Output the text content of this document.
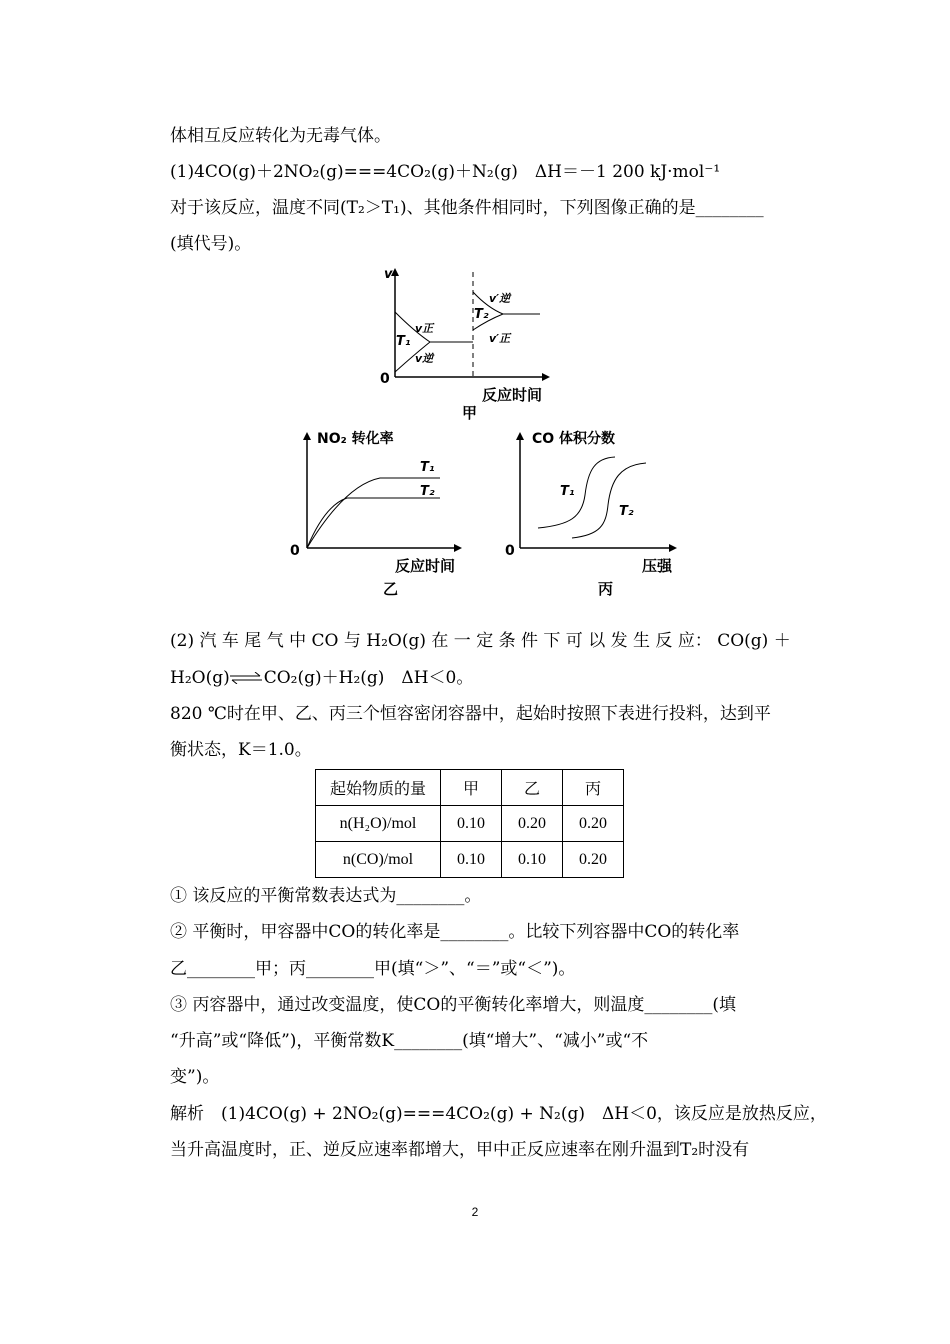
体相互反应转化为无毒气体。
(1)4CO(g)＋2NO₂(g)===4CO₂(g)＋N₂(g)　ΔH＝－1 200 kJ·mol⁻¹
对于该反应，温度不同(T₂＞T₁)、其他条件相同时，下列图像正确的是________
(填代号)。
v
0
T₁
v正
v逆
T₂
v′逆
v′正
反应时间
甲
NO₂ 转化率
0
T₁
T₂
反应时间
乙
CO 体积分数
0
T₁
T₂
压强
丙
(2) 汽 车 尾 气 中 CO 与 H₂O(g) 在 一 定 条 件 下 可 以 发 生 反 应： CO(g) ＋
H₂O(g)　　CO₂(g)＋H₂(g)　ΔH＜0。
820 ℃时在甲、乙、丙三个恒容密闭容器中，起始时按照下表进行投料，达到平
衡状态，K＝1.0。
起始物质的量	甲	乙	丙
n(H₂O)/mol	0.10	0.20	0.20
n(CO)/mol	0.10	0.10	0.20
① 该反应的平衡常数表达式为________。
② 平衡时，甲容器中CO的转化率是________。比较下列容器中CO的转化率
乙________甲；丙________甲(填“＞”、“＝”或“＜”)。
③ 丙容器中，通过改变温度，使CO的平衡转化率增大，则温度________(填
“升高”或“降低”)，平衡常数K________(填“增大”、“减小”或“不
变”)。
解析　(1)4CO(g) + 2NO₂(g)===4CO₂(g) + N₂(g)　ΔH＜0，该反应是放热反应，
当升高温度时，正、逆反应速率都增大，甲中正反应速率在刚升温到T₂时没有
2
